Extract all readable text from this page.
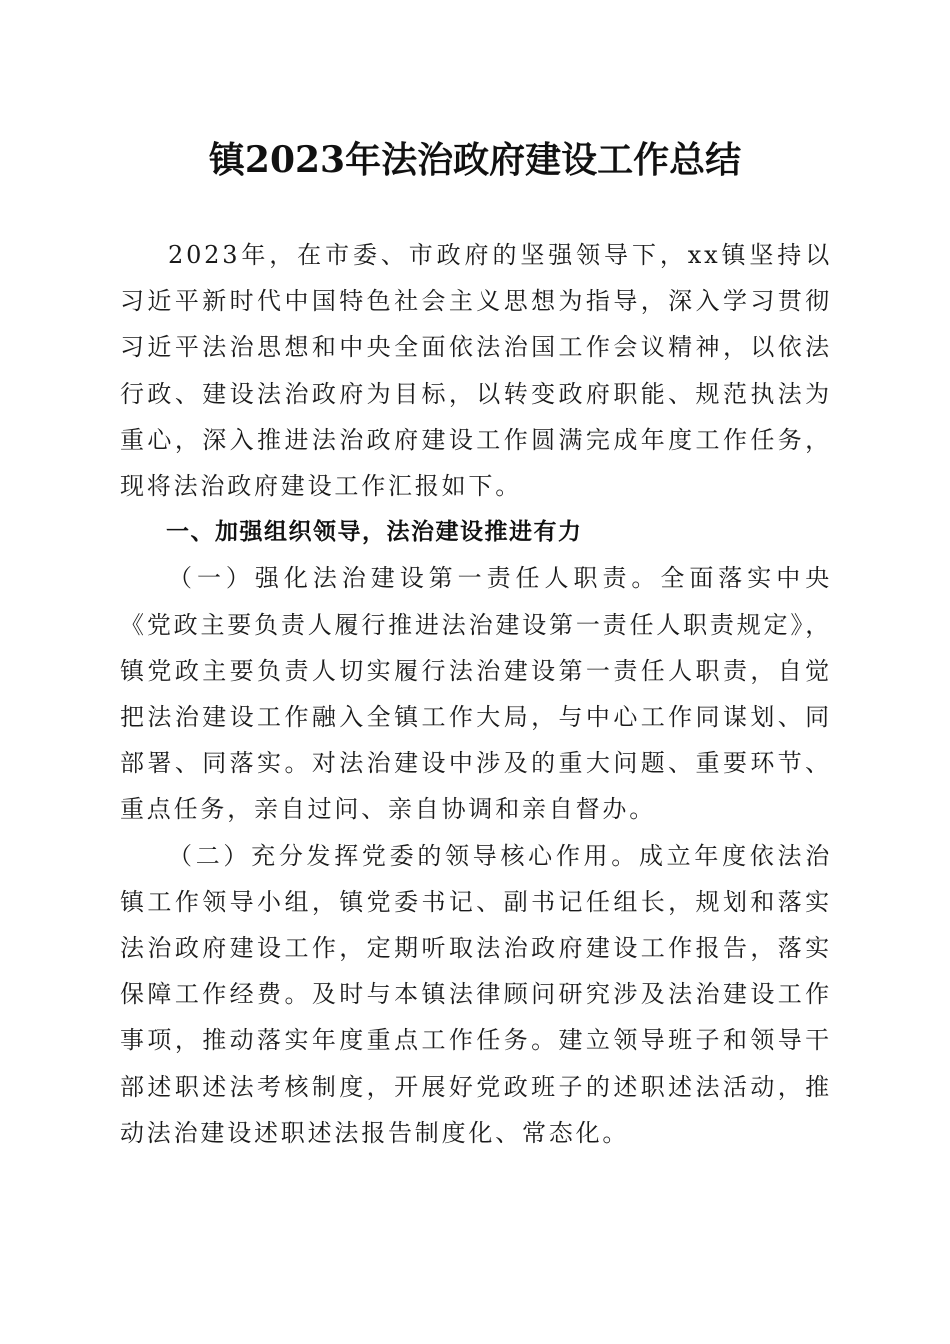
镇2023年法治政府建设工作总结

2023年，在市委、市政府的坚强领导下，xx镇坚持以习近平新时代中国特色社会主义思想为指导，深入学习贯彻习近平法治思想和中央全面依法治国工作会议精神，以依法行政、建设法治政府为目标，以转变政府职能、规范执法为重心，深入推进法治政府建设工作圆满完成年度工作任务，现将法治政府建设工作汇报如下。

一、加强组织领导，法治建设推进有力

（一）强化法治建设第一责任人职责。全面落实中央《党政主要负责人履行推进法治建设第一责任人职责规定》，镇党政主要负责人切实履行法治建设第一责任人职责，自觉把法治建设工作融入全镇工作大局，与中心工作同谋划、同部署、同落实。对法治建设中涉及的重大问题、重要环节、重点任务，亲自过问、亲自协调和亲自督办。

（二）充分发挥党委的领导核心作用。成立年度依法治镇工作领导小组，镇党委书记、副书记任组长，规划和落实法治政府建设工作，定期听取法治政府建设工作报告，落实保障工作经费。及时与本镇法律顾问研究涉及法治建设工作事项，推动落实年度重点工作任务。建立领导班子和领导干部述职述法考核制度，开展好党政班子的述职述法活动，推动法治建设述职述法报告制度化、常态化。
